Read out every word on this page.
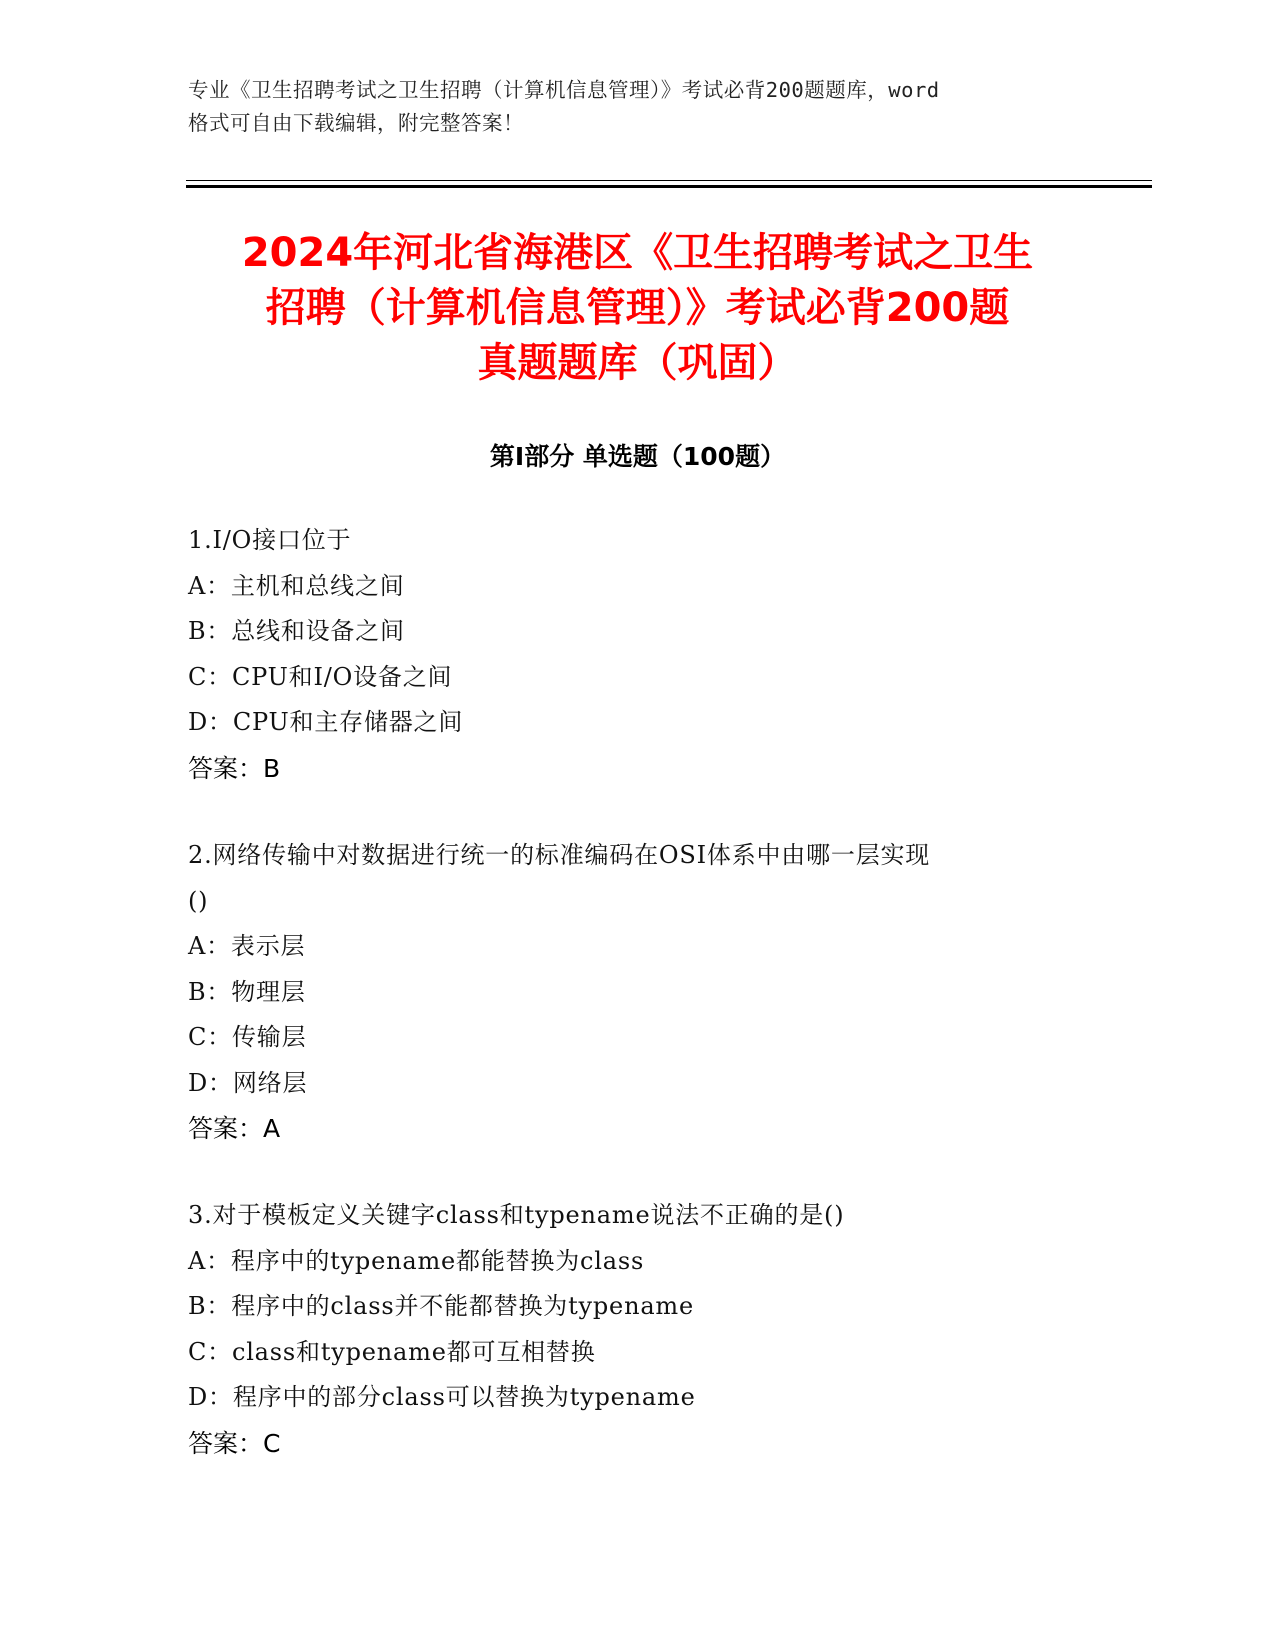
专业《卫生招聘考试之卫生招聘（计算机信息管理）》考试必背200题题库，word
格式可自由下载编辑，附完整答案！
2024年河北省海港区《卫生招聘考试之卫生
招聘（计算机信息管理）》考试必背200题
真题题库（巩固）
第Ⅰ部分 单选题（100题）
1.I/O接口位于
A：主机和总线之间
B：总线和设备之间
C：CPU和I/O设备之间
D：CPU和主存储器之间
答案：B
2.网络传输中对数据进行统一的标准编码在OSI体系中由哪一层实现
()
A：表示层
B：物理层
C：传输层
D：网络层
答案：A
3.对于模板定义关键字class和typename说法不正确的是()
A：程序中的typename都能替换为class
B：程序中的class并不能都替换为typename
C：class和typename都可互相替换
D：程序中的部分class可以替换为typename
答案：C
